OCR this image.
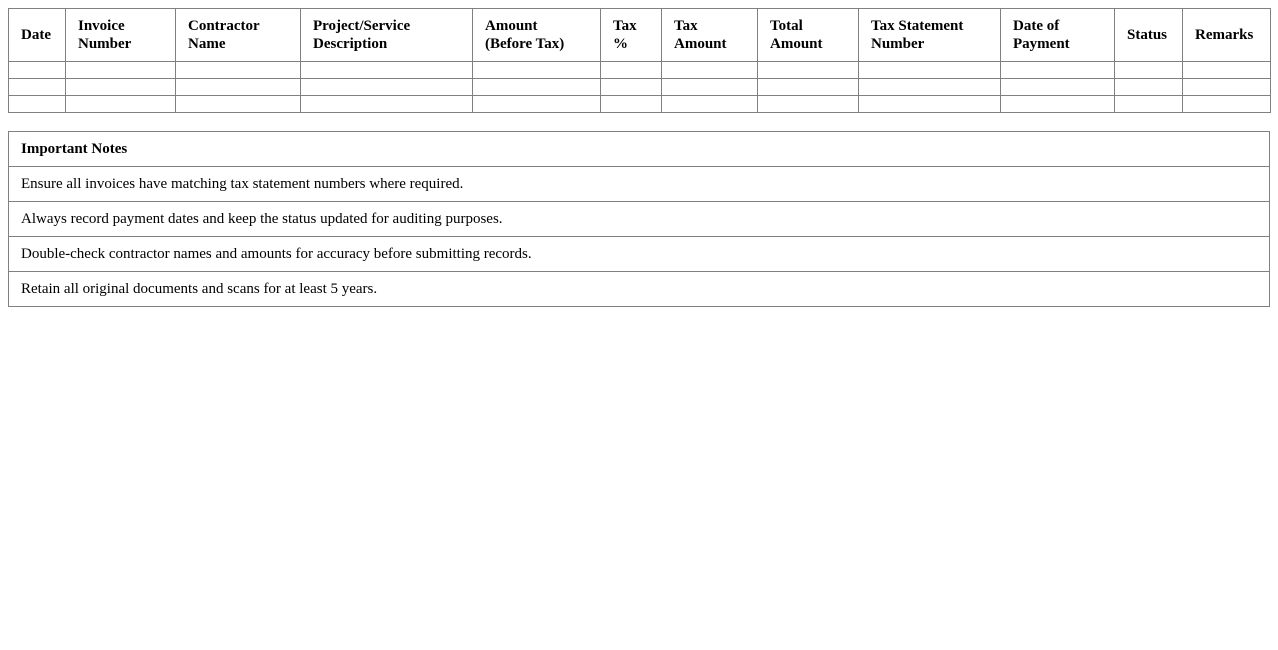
Date	Invoice Number	Contractor Name	Project/Service Description	Amount (Before Tax)	Tax %	Tax Amount	Total Amount	Tax Statement Number	Date of Payment	Status	Remarks

Important Notes
Ensure all invoices have matching tax statement numbers where required.
Always record payment dates and keep the status updated for auditing purposes.
Double-check contractor names and amounts for accuracy before submitting records.
Retain all original documents and scans for at least 5 years.
